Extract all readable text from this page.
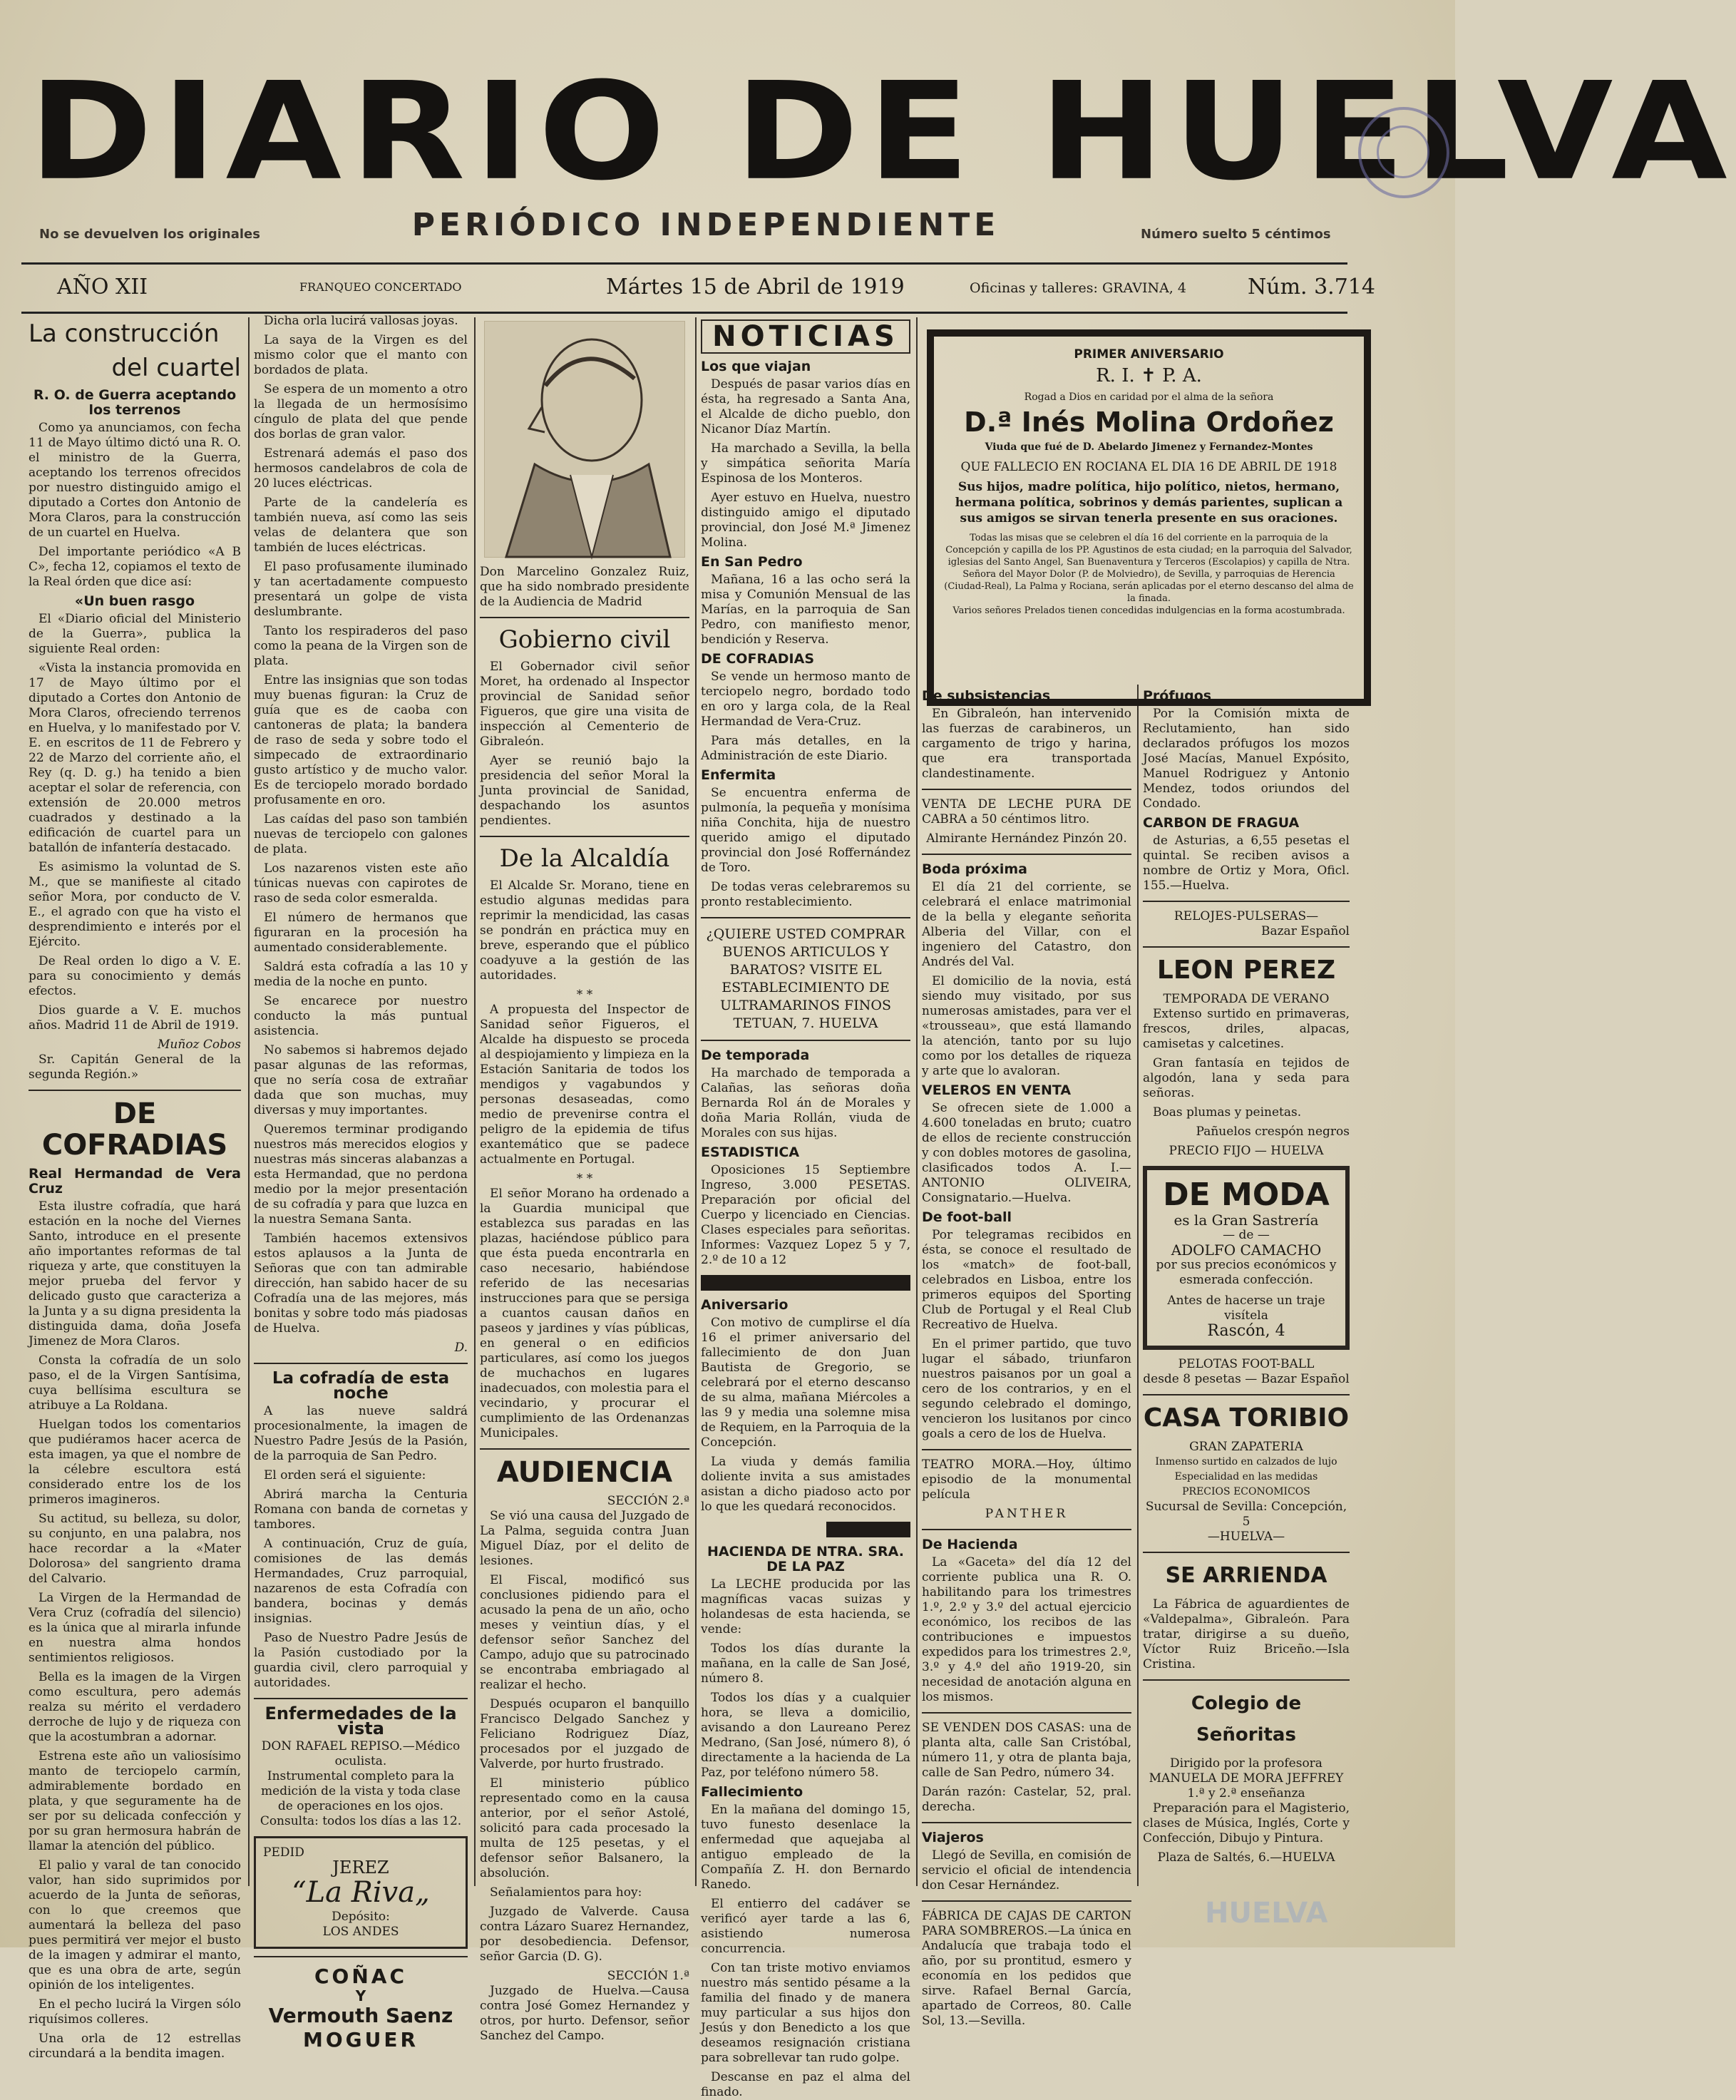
DIARIO DE HUELVA
No se devuelven los originales	PERIÓDICO INDEPENDIENTE	Número suelto 5 céntimos
AÑO XII	FRANQUEO CONCERTADO	Mártes 15 de Abril de 1919	Oficinas y talleres: GRAVINA, 4	Núm. 3.714
La construcción
del cuartel
R. O. de Guerra aceptando los terrenos

Como ya anunciamos, con fecha 11 de Mayo último dictó una R. O. el ministro de la Guerra, aceptando los terrenos ofrecidos por nuestro distinguido amigo el diputado a Cortes don Antonio de Mora Claros, para la construcción de un cuartel en Huelva.

Del importante periódico «A B C», fecha 12, copiamos el texto de la Real órden que dice así:

«Un buen rasgo

El «Diario oficial del Ministerio de la Guerra», publica la siguiente Real orden:

«Vista la instancia promovida en 17 de Mayo último por el diputado a Cortes don Antonio de Mora Claros, ofreciendo terrenos en Huelva, y lo manifestado por V. E. en escritos de 11 de Febrero y 22 de Marzo del corriente año, el Rey (q. D. g.) ha tenido a bien aceptar el solar de referencia, con extensión de 20.000 metros cuadrados y destinado a la edificación de cuartel para un batallón de infantería destacado.

Es asimismo la voluntad de S. M., que se manifieste al citado señor Mora, por conducto de V. E., el agrado con que ha visto el desprendimiento e interés por el Ejército.

De Real orden lo digo a V. E. para su conocimiento y demás efectos.

Dios guarde a V. E. muchos años. Madrid 11 de Abril de 1919.

Muñoz Cobos

Sr. Capitán General de la segunda Región.»

DE COFRADIAS
Real Hermandad de Vera Cruz

Esta ilustre cofradía, que hará estación en la noche del Viernes Santo, introduce en el presente año importantes reformas de tal riqueza y arte, que constituyen la mejor prueba del fervor y delicado gusto que caracteriza a la Junta y a su digna presidenta la distinguida dama, doña Josefa Jimenez de Mora Claros.

Consta la cofradía de un solo paso, el de la Virgen Santísima, cuya bellísima escultura se atribuye a La Roldana.

Huelgan todos los comentarios que pudiéramos hacer acerca de esta imagen, ya que el nombre de la célebre escultora está considerado entre los de los primeros imagineros.

Su actitud, su belleza, su dolor, su conjunto, en una palabra, nos hace recordar a la «Mater Dolorosa» del sangriento drama del Calvario.

La Virgen de la Hermandad de Vera Cruz (cofradía del silencio) es la única que al mirarla infunde en nuestra alma hondos sentimientos religiosos.

Bella es la imagen de la Virgen como escultura, pero además realza su mérito el verdadero derroche de lujo y de riqueza con que la acostumbran a adornar.

Estrena este año un valiosísimo manto de terciopelo carmín, admirablemente bordado en plata, y que seguramente ha de ser por su delicada confección y por su gran hermosura habrán de llamar la atención del público.

El palio y varal de tan conocido valor, han sido suprimidos por acuerdo de la Junta de señoras, con lo que creemos que aumentará la belleza del paso pues permitirá ver mejor el busto de la imagen y admirar el manto, que es una obra de arte, según opinión de los inteligentes.

En el pecho lucirá la Virgen sólo riquísimos colleres.

Una orla de 12 estrellas circundará a la bendita imagen.

Dicha orla lucirá vallosas joyas.

La saya de la Virgen es del mismo color que el manto con bordados de plata.

Se espera de un momento a otro la llegada de un hermosísimo cíngulo de plata del que pende dos borlas de gran valor.

Estrenará además el paso dos hermosos candelabros de cola de 20 luces eléctricas.

Parte de la candelería es también nueva, así como las seis velas de delantera que son también de luces eléctricas.

El paso profusamente iluminado y tan acertadamente compuesto presentará un golpe de vista deslumbrante.

Tanto los respiraderos del paso como la peana de la Virgen son de plata.

Entre las insignias que son todas muy buenas figuran: la Cruz de guía que es de caoba con cantoneras de plata; la bandera de raso de seda y sobre todo el simpecado de extraordinario gusto artístico y de mucho valor. Es de terciopelo morado bordado profusamente en oro.

Las caídas del paso son también nuevas de terciopelo con galones de plata.

Los nazarenos visten este año túnicas nuevas con capirotes de raso de seda color esmeralda.

El número de hermanos que figuraran en la procesión ha aumentado considerablemente.

Saldrá esta cofradía a las 10 y media de la noche en punto.

Se encarece por nuestro conducto la más puntual asistencia.

No sabemos si habremos dejado pasar algunas de las reformas, que no sería cosa de extrañar dada que son muchas, muy diversas y muy importantes.

Queremos terminar prodigando nuestros más merecidos elogios y nuestras más sinceras alabanzas a esta Hermandad, que no perdona medio por la mejor presentación de su cofradía y para que luzca en la nuestra Semana Santa.

También hacemos extensivos estos aplausos a la Junta de Señoras que con tan admirable dirección, han sabido hacer de su Cofradía una de las mejores, más bonitas y sobre todo más piadosas de Huelva.

D.
La cofradía de esta noche

A las nueve saldrá procesionalmente, la imagen de Nuestro Padre Jesús de la Pasión, de la parroquia de San Pedro.

El orden será el siguiente:

Abrirá marcha la Centuria Romana con banda de cornetas y tambores.

A continuación, Cruz de guía, comisiones de las demás Hermandades, Cruz parroquial, nazarenos de esta Cofradía con bandera, bocinas y demás insignias.

Paso de Nuestro Padre Jesús de la Pasión custodiado por la guardia civil, clero parroquial y autoridades.

Enfermedades de la vista
DON RAFAEL REPISO.—Médico oculista.
Instrumental completo para la medición de la vista y toda clase de operaciones en los ojos.
Consulta: todos los días a las 12.
PEDID
JEREZ
“La Riva„
Depósito:
LOS ANDES
COÑAC
Y
Vermouth Saenz
MOGUER

Don Marcelino Gonzalez Ruiz, que ha sido nombrado presidente de la Audiencia de Madrid

Gobierno civil

El Gobernador civil señor Moret, ha ordenado al Inspector provincial de Sanidad señor Figueros, que gire una visita de inspección al Cementerio de Gibraleón.

Ayer se reunió bajo la presidencia del señor Moral la Junta provincial de Sanidad, despachando los asuntos pendientes.

De la Alcaldía

El Alcalde Sr. Morano, tiene en estudio algunas medidas para reprimir la mendicidad, las casas se pondrán en práctica muy en breve, esperando que el público coadyuve a la gestión de las autoridades.

* *

A propuesta del Inspector de Sanidad señor Figueros, el Alcalde ha dispuesto se proceda al despiojamiento y limpieza en la Estación Sanitaria de todos los mendigos y vagabundos y personas desaseadas, como medio de prevenirse contra el peligro de la epidemia de tifus exantemático que se padece actualmente en Portugal.

* *

El señor Morano ha ordenado a la Guardia municipal que establezca sus paradas en las plazas, haciéndose público para que ésta pueda encontrarla en caso necesario, habiéndose referido de las necesarias instrucciones para que se persiga a cuantos causan daños en paseos y jardines y vías públicas, en general o en edificios particulares, así como los juegos de muchachos en lugares inadecuados, con molestia para el vecindario, y procurar el cumplimiento de las Ordenanzas Municipales.

AUDIENCIA
SECCIÓN 2.ª

Se vió una causa del Juzgado de La Palma, seguida contra Juan Miguel Díaz, por el delito de lesiones.

El Fiscal, modificó sus conclusiones pidiendo para el acusado la pena de un año, ocho meses y veintiun días, y el defensor señor Sanchez del Campo, adujo que su patrocinado se encontraba embriagado al realizar el hecho.

Después ocuparon el banquillo Francisco Delgado Sanchez y Feliciano Rodriguez Díaz, procesados por el juzgado de Valverde, por hurto frustrado.

El ministerio público representado como en la causa anterior, por el señor Astolé, solicitó para cada procesado la multa de 125 pesetas, y el defensor señor Balsanero, la absolución.

Señalamientos para hoy:

Juzgado de Valverde. Causa contra Lázaro Suarez Hernandez, por desobediencia. Defensor, señor Garcia (D. G).

SECCIÓN 1.ª

Juzgado de Huelva.—Causa contra José Gomez Hernandez y otros, por hurto. Defensor, señor Sanchez del Campo.

NOTICIAS
Los que viajan

Después de pasar varios días en ésta, ha regresado a Santa Ana, el Alcalde de dicho pueblo, don Nicanor Díaz Martín.

Ha marchado a Sevilla, la bella y simpática señorita María Espinosa de los Monteros.

Ayer estuvo en Huelva, nuestro distinguido amigo el diputado provincial, don José M.ª Jimenez Molina.

En San Pedro

Mañana, 16 a las ocho será la misa y Comunión Mensual de las Marías, en la parroquia de San Pedro, con manifiesto menor, bendición y Reserva.

DE COFRADIAS

Se vende un hermoso manto de terciopelo negro, bordado todo en oro y larga cola, de la Real Hermandad de Vera-Cruz.

Para más detalles, en la Administración de este Diario.

Enfermita

Se encuentra enferma de pulmonía, la pequeña y monísima niña Conchita, hija de nuestro querido amigo el diputado provincial don José Roffernández de Toro.

De todas veras celebraremos su pronto restablecimiento.

¿QUIERE USTED COMPRAR BUENOS ARTICULOS Y BARATOS? VISITE EL ESTABLECIMIENTO DE ULTRAMARINOS FINOS TETUAN, 7. HUELVA
De temporada

Ha marchado de temporada a Calañas, las señoras doña Bernarda Rol án de Morales y doña Maria Rollán, viuda de Morales con sus hijas.

ESTADISTICA

Oposiciones 15 Septiembre Ingreso, 3.000 PESETAS. Preparación por oficial del Cuerpo y licenciado en Ciencias. Clases especiales para señoritas. Informes: Vazquez Lopez 5 y 7, 2.º de 10 a 12

Aniversario

Con motivo de cumplirse el día 16 el primer aniversario del fallecimiento de don Juan Bautista de Gregorio, se celebrará por el eterno descanso de su alma, mañana Miércoles a las 9 y media una solemne misa de Requiem, en la Parroquia de la Concepción.

La viuda y demás familia doliente invita a sus amistades asistan a dicho piadoso acto por lo que les quedará reconocidos.

HACIENDA DE NTRA. SRA. DE LA PAZ

La LECHE producida por las magníficas vacas suizas y holandesas de esta hacienda, se vende:

Todos los días durante la mañana, en la calle de San José, número 8.

Todos los días y a cualquier hora, se lleva a domicilio, avisando a don Laureano Perez Medrano, (San José, número 8), ó directamente a la hacienda de La Paz, por teléfono número 58.

Fallecimiento

En la mañana del domingo 15, tuvo funesto desenlace la enfermedad que aquejaba al antiguo empleado de la Compañía Z. H. don Bernardo Ranedo.

El entierro del cadáver se verificó ayer tarde a las 6, asistiendo numerosa concurrencia.

Con tan triste motivo enviamos nuestro más sentido pésame a la familia del finado y de manera muy particular a sus hijos don Jesús y don Benedicto a los que deseamos resignación cristiana para sobrellevar tan rudo golpe.

Descanse en paz el alma del finado.

PRIMER ANIVERSARIO
R. I. ✝ P. A.
Rogad a Dios en caridad por el alma de la señora
D.ª Inés Molina Ordoñez
Viuda que fué de D. Abelardo Jimenez y Fernandez-Montes
QUE FALLECIO EN ROCIANA EL DIA 16 DE ABRIL DE 1918
Sus hijos, madre política, hijo político, nietos, hermano, hermana política, sobrinos y demás parientes, suplican a sus amigos se sirvan tenerla presente en sus oraciones.
Todas las misas que se celebren el día 16 del corriente en la parroquia de la Concepción y capilla de los PP. Agustinos de esta ciudad; en la parroquia del Salvador, iglesias del Santo Angel, San Buenaventura y Terceros (Escolapios) y capilla de Ntra. Señora del Mayor Dolor (P. de Molviedro), de Sevilla, y parroquias de Herencia (Ciudad-Real), La Palma y Rociana, serán aplicadas por el eterno descanso del alma de la finada.
Varios señores Prelados tienen concedidas indulgencias en la forma acostumbrada.
De subsistencias

En Gibraleón, han intervenido las fuerzas de carabineros, un cargamento de trigo y harina, que era transportada clandestinamente.

VENTA DE LECHE PURA DE CABRA a 50 céntimos litro.

Almirante Hernández Pinzón 20.
Boda próxima

El día 21 del corriente, se celebrará el enlace matrimonial de la bella y elegante señorita Alberia del Villar, con el ingeniero del Catastro, don Andrés del Val.

El domicilio de la novia, está siendo muy visitado, por sus numerosas amistades, para ver el «trousseau», que está llamando la atención, tanto por su lujo como por los detalles de riqueza y arte que lo avaloran.

VELEROS EN VENTA

Se ofrecen siete de 1.000 a 4.600 toneladas en bruto; cuatro de ellos de reciente construcción y con dobles motores de gasolina, clasificados todos A. I.—ANTONIO OLIVEIRA, Consignatario.—Huelva.

De foot-ball

Por telegramas recibidos en ésta, se conoce el resultado de los «match» de foot-ball, celebrados en Lisboa, entre los primeros equipos del Sporting Club de Portugal y el Real Club Recreativo de Huelva.

En el primer partido, que tuvo lugar el sábado, triunfaron nuestros paisanos por un goal a cero de los contrarios, y en el segundo celebrado el domingo, vencieron los lusitanos por cinco goals a cero de los de Huelva.

TEATRO MORA.—Hoy, último episodio de la monumental película

PANTHER
De Hacienda

La «Gaceta» del día 12 del corriente publica una R. O. habilitando para los trimestres 1.º, 2.º y 3.º del actual ejercicio económico, los recibos de las contribuciones e impuestos expedidos para los trimestres 2.º, 3.º y 4.º del año 1919-20, sin necesidad de anotación alguna en los mismos.

SE VENDEN DOS CASAS: una de planta alta, calle San Cristóbal, número 11, y otra de planta baja, calle de San Pedro, número 34.

Darán razón: Castelar, 52, pral. derecha.

Viajeros

Llegó de Sevilla, en comisión de servicio el oficial de intendencia don Cesar Hernández.

FÁBRICA DE CAJAS DE CARTON PARA SOMBREROS.—La única en Andalucía que trabaja todo el año, por su prontitud, esmero y economía en los pedidos que sirve. Rafael Bernal García, apartado de Correos, 80. Calle Sol, 13.—Sevilla.

Prófugos

Por la Comisión mixta de Reclutamiento, han sido declarados prófugos los mozos José Macías, Manuel Expósito, Manuel Rodriguez y Antonio Mendez, todos oriundos del Condado.

CARBON DE FRAGUA

de Asturias, a 6,55 pesetas el quintal. Se reciben avisos a nombre de Ortiz y Mora, Oficl. 155.—Huelva.

RELOJES-PULSERAS—
Bazar Español
LEON PEREZ
TEMPORADA DE VERANO

Extenso surtido en primaveras, frescos, driles, alpacas, camisetas y calcetines.

Gran fantasía en tejidos de algodón, lana y seda para señoras.

Boas plumas y peinetas.

Pañuelos crespón negros

PRECIO FIJO — HUELVA
DE MODA
es la Gran Sastrería
— de —
ADOLFO CAMACHO
por sus precios económicos y esmerada confección.
Antes de hacerse un traje visítela
Rascón, 4
PELOTAS FOOT-BALL
desde 8 pesetas — Bazar Español
CASA TORIBIO
GRAN ZAPATERIA
Inmenso surtido en calzados de lujo
Especialidad en las medidas
PRECIOS ECONOMICOS
Sucursal de Sevilla: Concepción, 5
—HUELVA—
SE ARRIENDA

La Fábrica de aguardientes de «Valdepalma», Gibraleón. Para tratar, dirigirse a su dueño, Víctor Ruiz Briceño.—Isla Cristina.

Colegio de Señoritas
Dirigido por la profesora
MANUELA DE MORA JEFFREY
1.ª y 2.ª enseñanza

Preparación para el Magisterio, clases de Música, Inglés, Corte y Confección, Dibujo y Pintura.

Plaza de Saltés, 6.—HUELVA
HUELVA
